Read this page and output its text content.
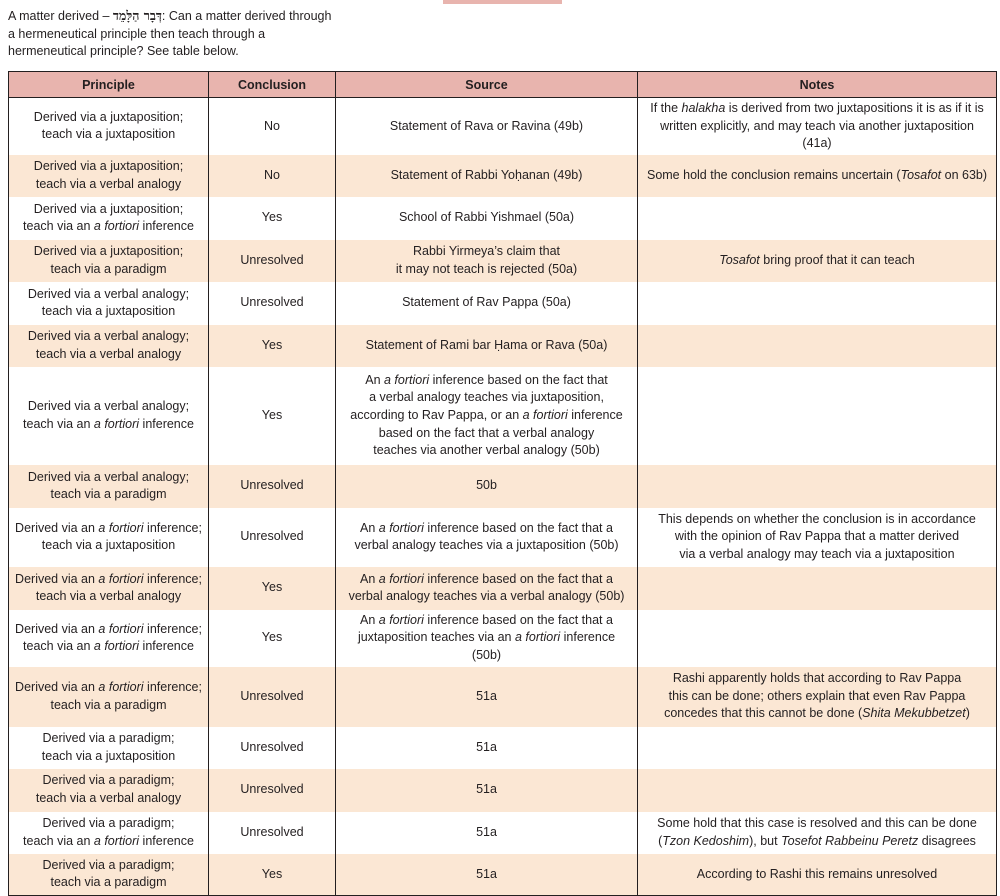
A matter derived – דְּבָר הַלָּמֵד: Can a matter derived through a hermeneutical principle then teach through a hermeneutical principle? See table below.
Principle	Conclusion	Source	Notes
Derived via a juxtaposition;
teach via a juxtaposition	No	Statement of Rava or Ravina (49b)	If the halakha is derived from two juxtapositions it is as if it is
written explicitly, and may teach via another juxtaposition (41a)
Derived via a juxtaposition;
teach via a verbal analogy	No	Statement of Rabbi Yoḥanan (49b)	Some hold the conclusion remains uncertain (Tosafot on 63b)
Derived via a juxtaposition;
teach via an a fortiori inference	Yes	School of Rabbi Yishmael (50a)	
Derived via a juxtaposition;
teach via a paradigm	Unresolved	Rabbi Yirmeya’s claim that
it may not teach is rejected (50a)	Tosafot bring proof that it can teach
Derived via a verbal analogy;
teach via a juxtaposition	Unresolved	Statement of Rav Pappa (50a)	
Derived via a verbal analogy;
teach via a verbal analogy	Yes	Statement of Rami bar Ḥama or Rava (50a)	
Derived via a verbal analogy;
teach via an a fortiori inference	Yes	An a fortiori inference based on the fact that
a verbal analogy teaches via juxtaposition,
according to Rav Pappa, or an a fortiori inference
based on the fact that a verbal analogy
teaches via another verbal analogy (50b)	
Derived via a verbal analogy;
teach via a paradigm	Unresolved	50b	
Derived via an a fortiori inference;
teach via a juxtaposition	Unresolved	An a fortiori inference based on the fact that a
verbal analogy teaches via a juxtaposition (50b)	This depends on whether the conclusion is in accordance
with the opinion of Rav Pappa that a matter derived
via a verbal analogy may teach via a juxtaposition
Derived via an a fortiori inference;
teach via a verbal analogy	Yes	An a fortiori inference based on the fact that a
verbal analogy teaches via a verbal analogy (50b)	
Derived via an a fortiori inference;
teach via an a fortiori inference	Yes	An a fortiori inference based on the fact that a
juxtaposition teaches via an a fortiori inference (50b)	
Derived via an a fortiori inference;
teach via a paradigm	Unresolved	51a	Rashi apparently holds that according to Rav Pappa
this can be done; others explain that even Rav Pappa
concedes that this cannot be done (Shita Mekubbetzet)
Derived via a paradigm;
teach via a juxtaposition	Unresolved	51a	
Derived via a paradigm;
teach via a verbal analogy	Unresolved	51a	
Derived via a paradigm;
teach via an a fortiori inference	Unresolved	51a	Some hold that this case is resolved and this can be done
(Tzon Kedoshim), but Tosefot Rabbeinu Peretz disagrees
Derived via a paradigm;
teach via a paradigm	Yes	51a	According to Rashi this remains unresolved
